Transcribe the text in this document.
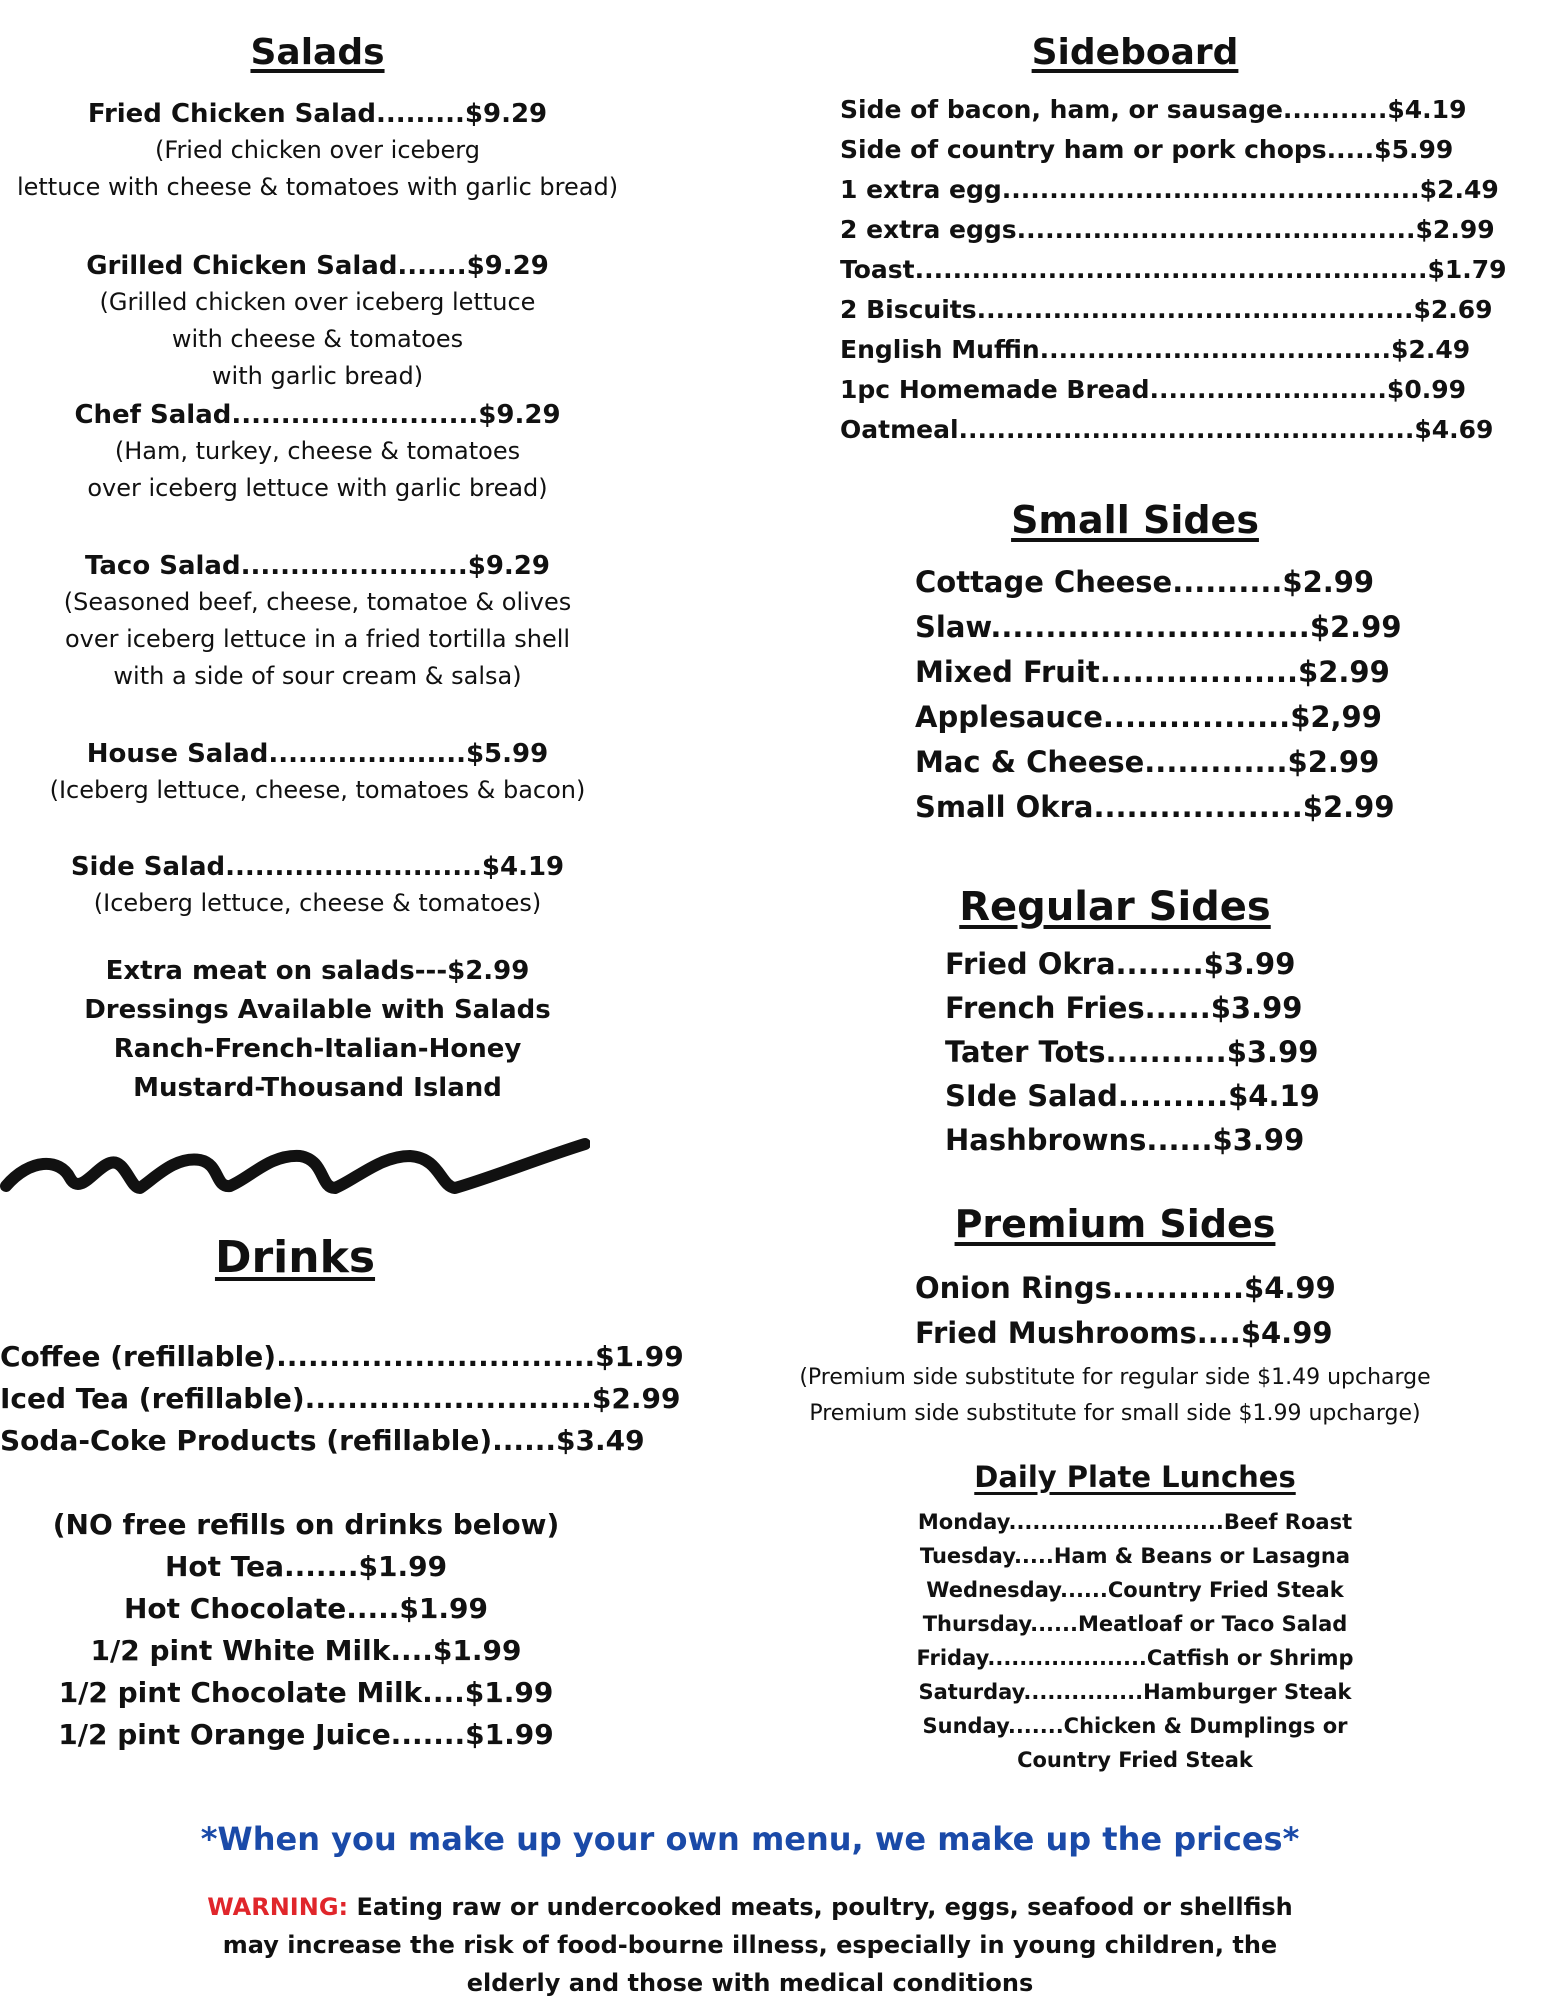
Salads
Fried Chicken Salad.........$9.29
(Fried chicken over iceberg
lettuce with cheese & tomatoes with garlic bread)
Grilled Chicken Salad.......$9.29
(Grilled chicken over iceberg lettuce
with cheese & tomatoes
with garlic bread)
Chef Salad.........................$9.29
(Ham, turkey, cheese & tomatoes
over iceberg lettuce with garlic bread)
Taco Salad.......................$9.29
(Seasoned beef, cheese, tomatoe & olives
over iceberg lettuce in a fried tortilla shell
with a side of sour cream & salsa)
House Salad....................$5.99
(Iceberg lettuce, cheese, tomatoes & bacon)
Side Salad..........................$4.19
(Iceberg lettuce, cheese & tomatoes)
Extra meat on salads---$2.99
Dressings Available with Salads
Ranch-French-Italian-Honey
Mustard-Thousand Island
Drinks
Coffee (refillable)..............................$1.99
Iced Tea (refillable)...........................$2.99
Soda-Coke Products (refillable)......$3.49
(NO free refills on drinks below)
Hot Tea.......$1.99
Hot Chocolate.....$1.99
1/2 pint White Milk....$1.99
1/2 pint Chocolate Milk....$1.99
1/2 pint Orange Juice.......$1.99
Sideboard
Side of bacon, ham, or sausage...........$4.19
Side of country ham or pork chops.....$5.99
1 extra egg............................................$2.49
2 extra eggs..........................................$2.99
Toast......................................................$1.79
2 Biscuits..............................................$2.69
English Muffin.....................................$2.49
1pc Homemade Bread.........................$0.99
Oatmeal................................................$4.69
Small Sides
Cottage Cheese..........$2.99
Slaw.............................$2.99
Mixed Fruit..................$2.99
Applesauce.................$2,99
Mac & Cheese.............$2.99
Small Okra...................$2.99
Regular Sides
Fried Okra........$3.99
French Fries......$3.99
Tater Tots...........$3.99
SIde Salad..........$4.19
Hashbrowns......$3.99
Premium Sides
Onion Rings............$4.99
Fried Mushrooms....$4.99
(Premium side substitute for regular side $1.49 upcharge
Premium side substitute for small side $1.99 upcharge)
Daily Plate Lunches
Monday...........................Beef Roast
Tuesday.....Ham & Beans or Lasagna
Wednesday......Country Fried Steak
Thursday......Meatloaf or Taco Salad
Friday....................Catfish or Shrimp
Saturday...............Hamburger Steak
Sunday.......Chicken & Dumplings or
Country Fried Steak
*When you make up your own menu, we make up the prices*
WARNING: Eating raw or undercooked meats, poultry, eggs, seafood or shellfish
may increase the risk of food-bourne illness, especially in young children, the
elderly and those with medical conditions
